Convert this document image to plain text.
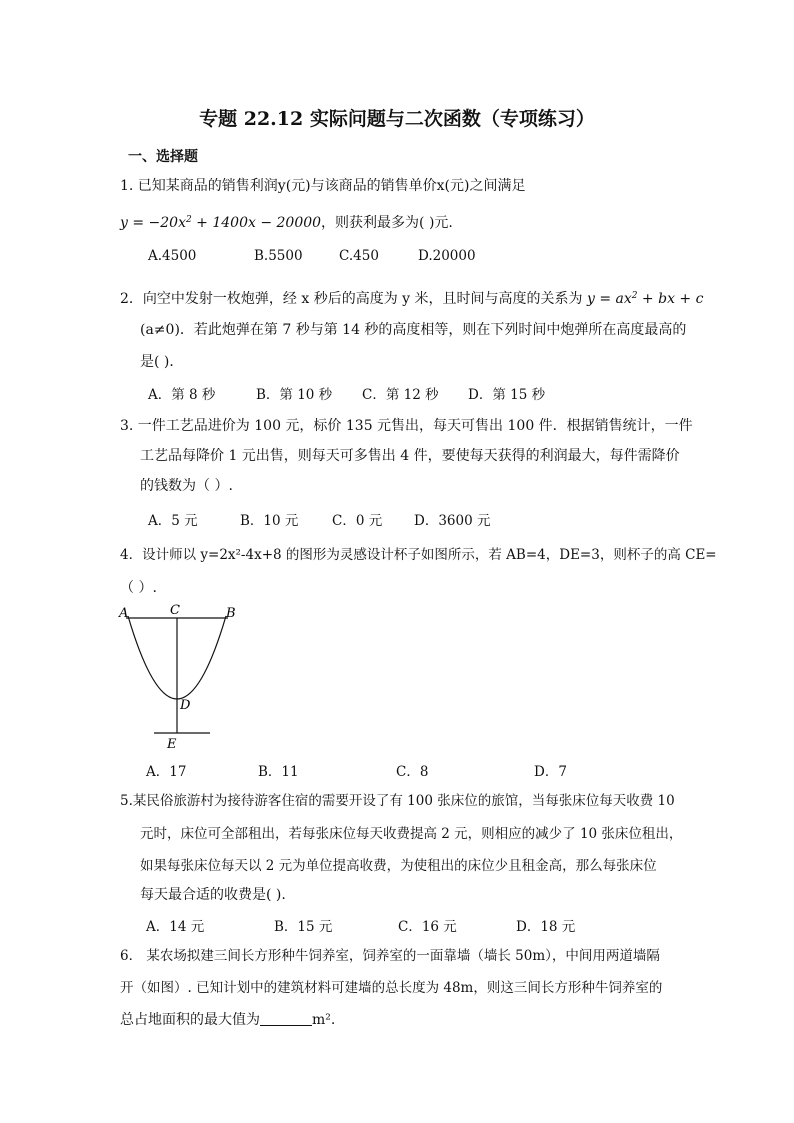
专题 22.12 实际问题与二次函数（专项练习）
一、选择题
1. 已知某商品的销售利润y(元)与该商品的销售单价x(元)之间满足
$y = -20x^2 + 1400x - 20000$，则获利最多为( )元.
A.4500	B.5500	C.450	D.20000
2．向空中发射一枚炮弹，经 x 秒后的高度为 y 米，且时间与高度的关系为 $y = ax^2$ + bx + c
(a≠0)．若此炮弹在第 7 秒与第 14 秒的高度相等，则在下列时间中炮弹所在高度最高的
是( )．
A．第 8 秒	B．第 10 秒 C．第 12 秒 D．第 15 秒
3. 一件工艺品进价为 100 元，标价 135 元售出，每天可售出 100 件．根据销售统计，一件
工艺品每降价 1 元出售，则每天可多售出 4 件，要使每天获得的利润最大，每件需降价
的钱数为（ ）.
A．5 元	B．10 元 C．0 元 D．3600 元
4．设计师以 y=2x²-4x+8 的图形为灵感设计杯子如图所示，若 AB=4，DE=3，则杯子的高 CE=
（ ）.
A	C	B
D
E
A．17	B．11	C．8	D．7
5.某民俗旅游村为接待游客住宿的需要开设了有 100 张床位的旅馆，当每张床位每天收费 10
元时，床位可全部租出，若每张床位每天收费提高 2 元，则相应的减少了 10 张床位租出，
如果每张床位每天以 2 元为单位提高收费，为使租出的床位少且租金高，那么每张床位
每天最合适的收费是( ).
A．14 元	B．15 元	C．16 元	D．18 元
6． 某农场拟建三间长方形种牛饲养室，饲养室的一面靠墙（墙长 50m），中间用两道墙隔
开（如图）. 已知计划中的建筑材料可建墙的总长度为 48m，则这三间长方形种牛饲养室的
总占地面积的最大值为	m².
